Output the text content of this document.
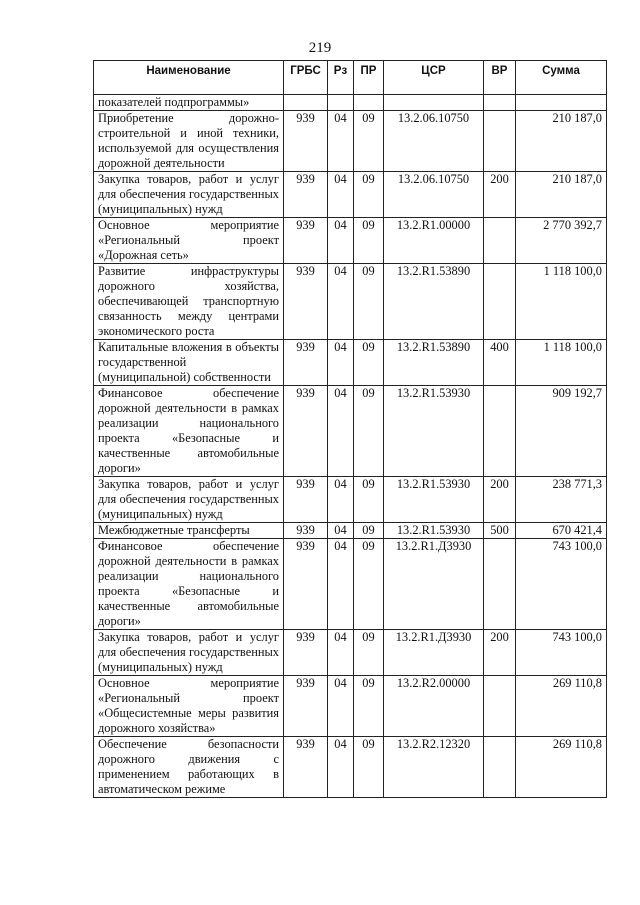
219
Наименование	ГРБС	Рз	ПР	ЦСР	ВР	Сумма
показателей подпрограммы»						
Приобретение дорожно-строительной и иной техники, используемой для осуществления дорожной деятельности	939	04	09	13.2.06.10750		210 187,0
Закупка товаров, работ и услуг для обеспечения государственных (муниципальных) нужд	939	04	09	13.2.06.10750	200	210 187,0
Основное мероприятие «Региональный проект «Дорожная сеть»	939	04	09	13.2.R1.00000		2 770 392,7
Развитие инфраструктуры дорожного хозяйства, обеспечивающей транспортную связанность между центрами экономического роста	939	04	09	13.2.R1.53890		1 118 100,0
Капитальные вложения в объекты государственной (муниципальной) собственности	939	04	09	13.2.R1.53890	400	1 118 100,0
Финансовое обеспечение дорожной деятельности в рамках реализации национального проекта «Безопасные и качественные автомобильные дороги»	939	04	09	13.2.R1.53930		909 192,7
Закупка товаров, работ и услуг для обеспечения государственных (муниципальных) нужд	939	04	09	13.2.R1.53930	200	238 771,3
Межбюджетные трансферты	939	04	09	13.2.R1.53930	500	670 421,4
Финансовое обеспечение дорожной деятельности в рамках реализации национального проекта «Безопасные и качественные автомобильные дороги»	939	04	09	13.2.R1.Д3930		743 100,0
Закупка товаров, работ и услуг для обеспечения государственных (муниципальных) нужд	939	04	09	13.2.R1.Д3930	200	743 100,0
Основное мероприятие «Региональный проект «Общесистемные меры развития дорожного хозяйства»	939	04	09	13.2.R2.00000		269 110,8
Обеспечение безопасности дорожного движения с применением работающих в автоматическом режиме	939	04	09	13.2.R2.12320		269 110,8
